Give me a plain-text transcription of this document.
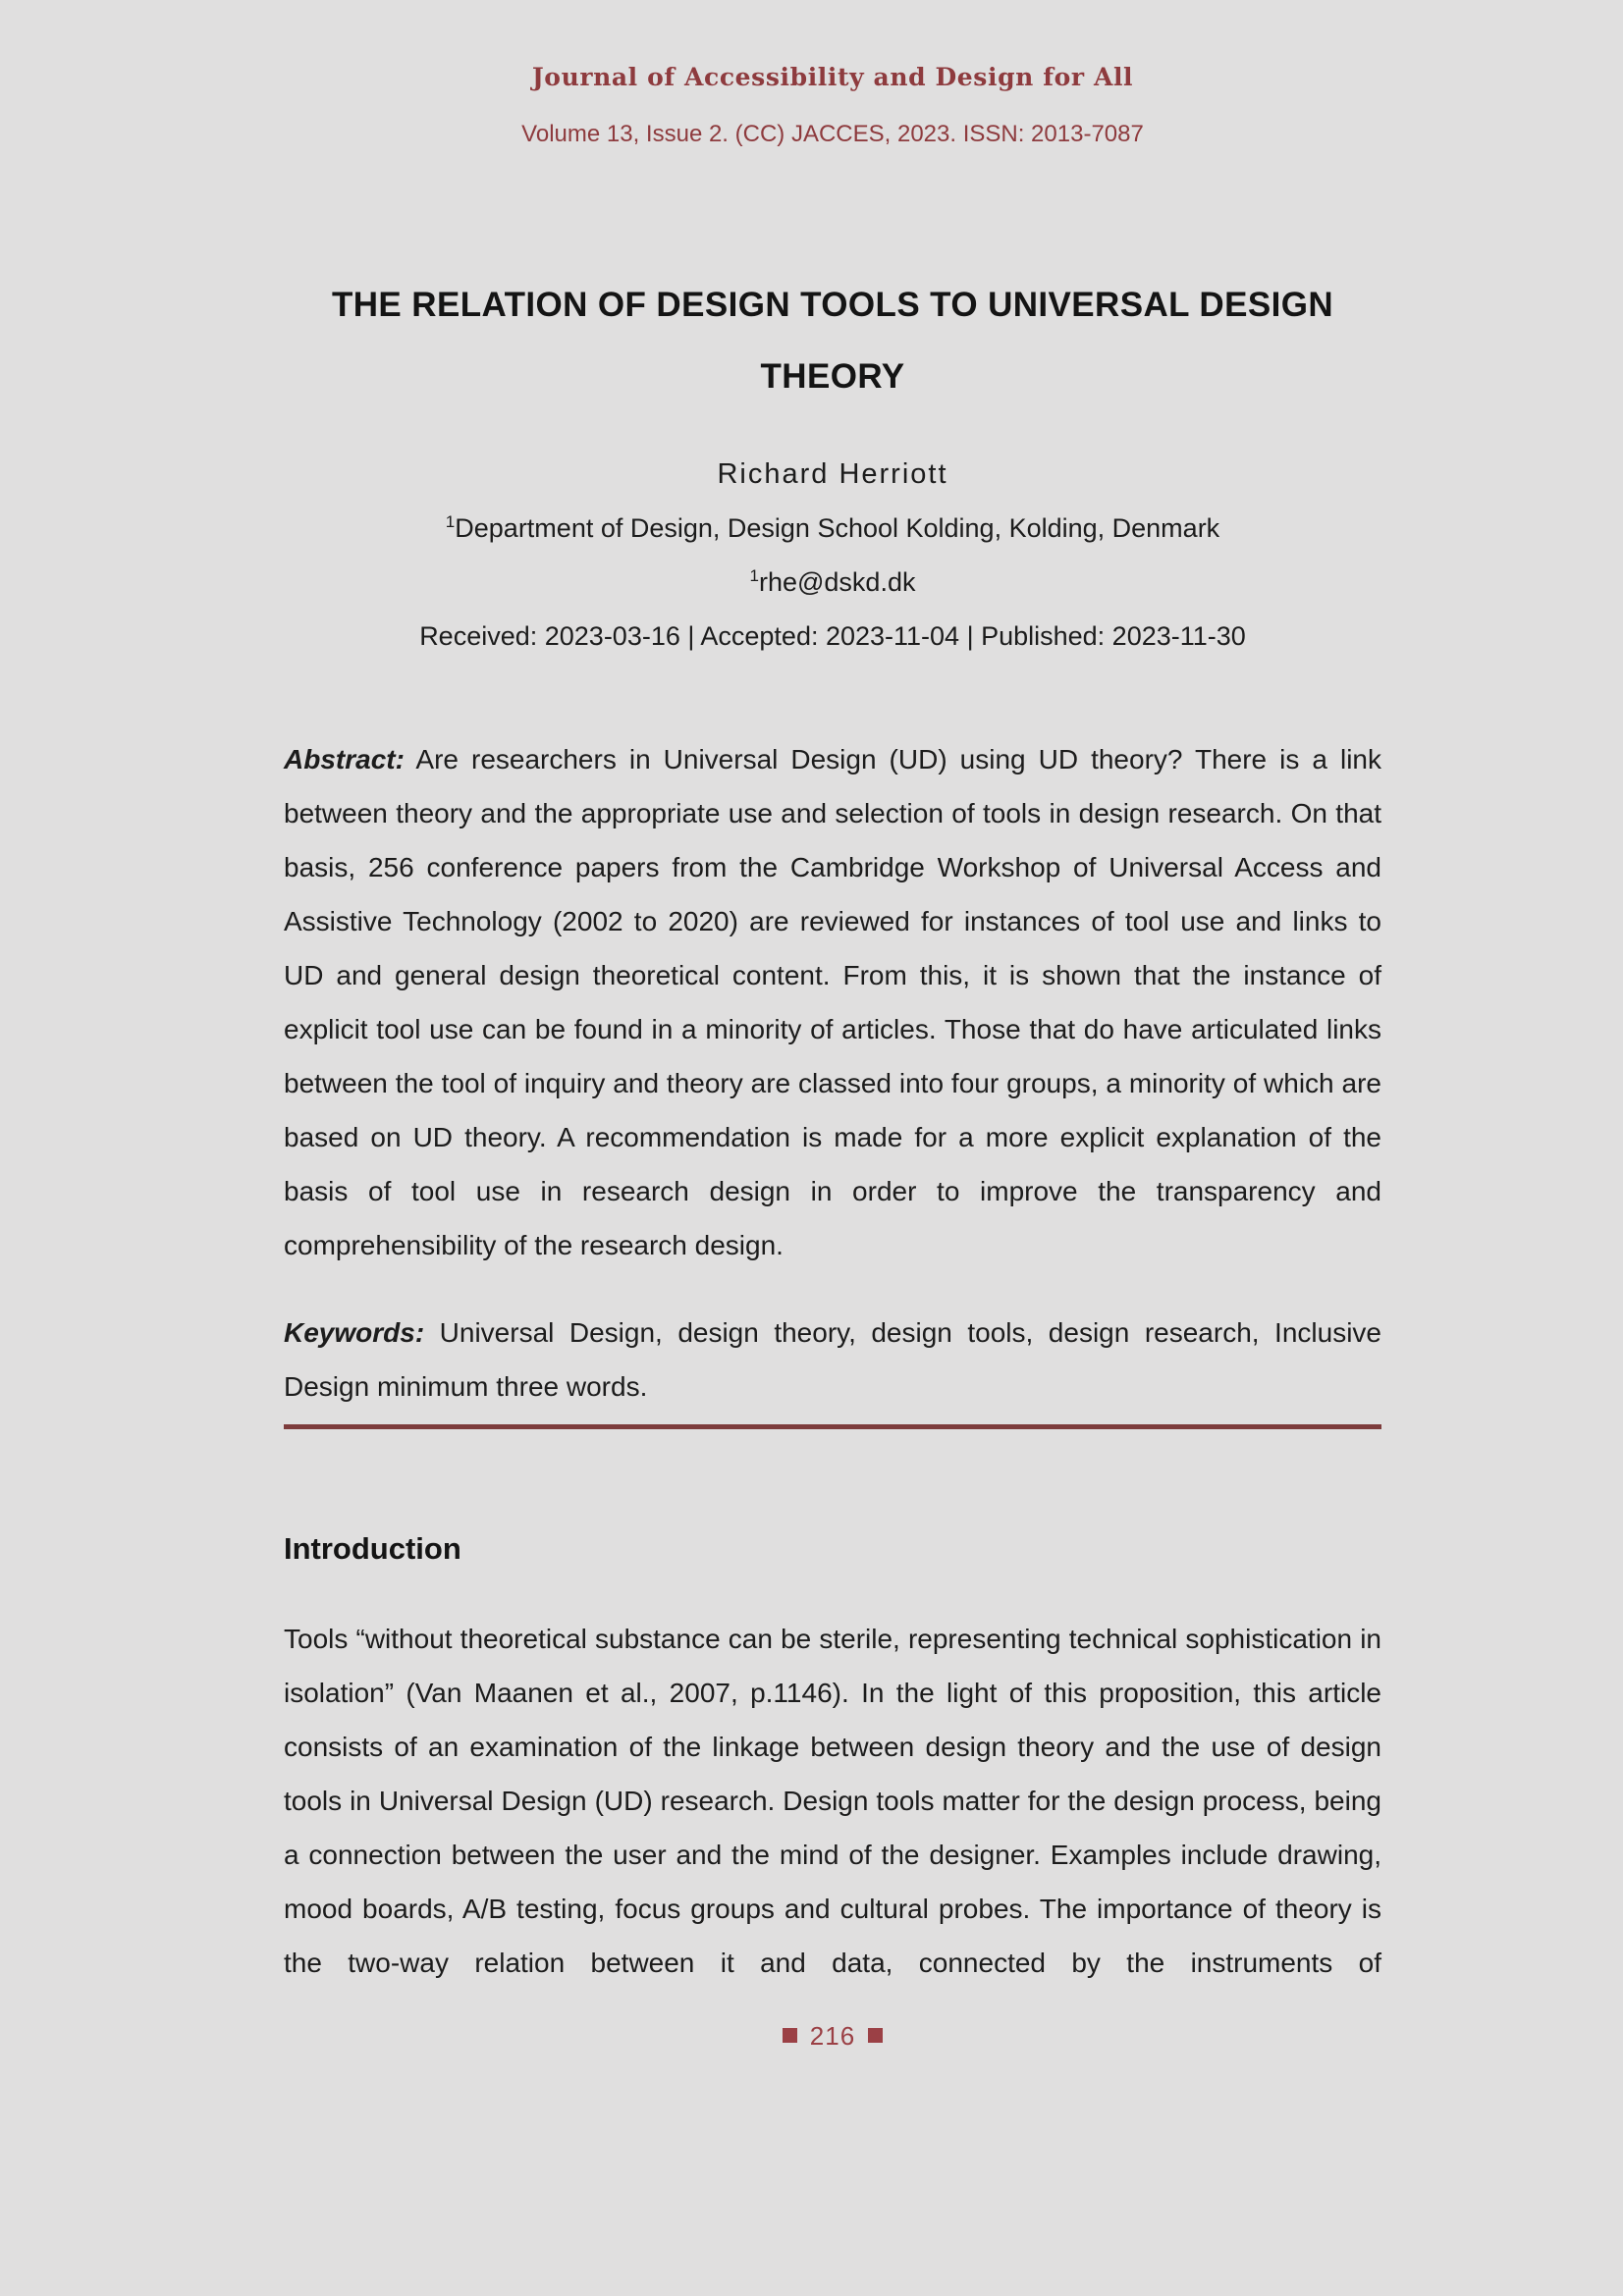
Journal of Accessibility and Design for All
Volume 13, Issue 2. (CC) JACCES, 2023. ISSN: 2013-7087
THE RELATION OF DESIGN TOOLS TO UNIVERSAL DESIGN THEORY
Richard Herriott
$^1$Department of Design, Design School Kolding, Kolding, Denmark
$^1$rhe@dskd.dk
Received: 2023-03-16 | Accepted: 2023-11-04 | Published: 2023-11-30

Abstract: Are researchers in Universal Design (UD) using UD theory? There is a link between theory and the appropriate use and selection of tools in design research. On that basis, 256 conference papers from the Cambridge Workshop of Universal Access and Assistive Technology (2002 to 2020) are reviewed for instances of tool use and links to UD and general design theoretical content. From this, it is shown that the instance of explicit tool use can be found in a minority of articles. Those that do have articulated links between the tool of inquiry and theory are classed into four groups, a minority of which are based on UD theory. A recommendation is made for a more explicit explanation of the basis of tool use in research design in order to improve the transparency and comprehensibility of the research design.

Keywords: Universal Design, design theory, design tools, design research, Inclusive Design minimum three words.

Introduction

Tools “without theoretical substance can be sterile, representing technical sophistication in isolation” (Van Maanen et al., 2007, p.1146). In the light of this proposition, this article consists of an examination of the linkage between design theory and the use of design tools in Universal Design (UD) research. Design tools matter for the design process, being a connection between the user and the mind of the designer. Examples include drawing, mood boards, A/B testing, focus groups and cultural probes. The importance of theory is the two-way relation between it and data, connected by the instruments of

216
